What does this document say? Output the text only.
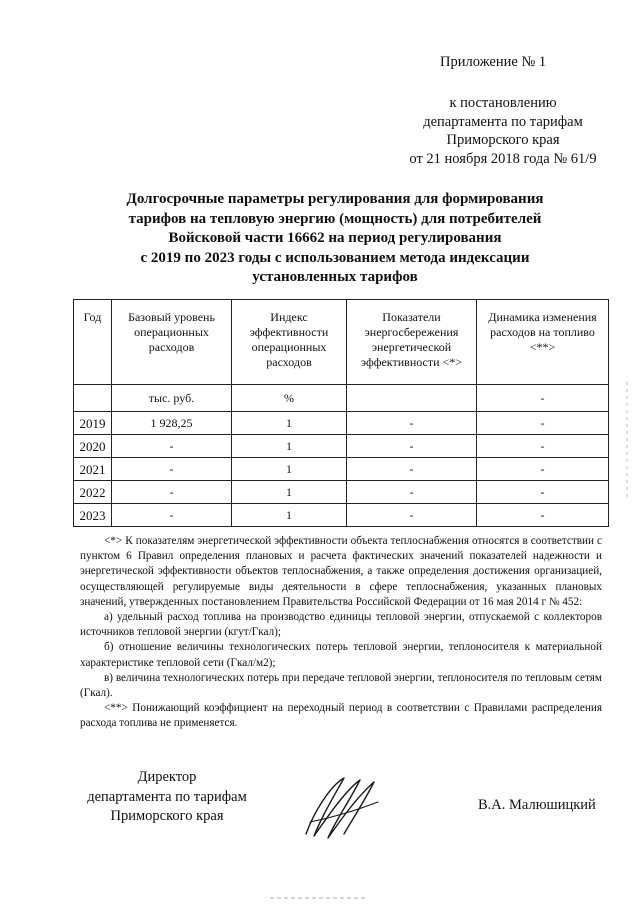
Приложение № 1
к постановлению
департамента по тарифам
Приморского края
от 21 ноября 2018 года № 61/9
Долгосрочные параметры регулирования для формирования
тарифов на тепловую энергию (мощность) для потребителей
Войсковой части 16662 на период регулирования
с 2019 по 2023 годы с использованием метода индексации
установленных тарифов
Год	Базовый уровень операционных расходов	Индекс эффективности операционных расходов	Показатели энергосбережения энергетической эффективности <*>	Динамика изменения расходов на топливо <**>
	тыс. руб.	%		-
2019	1 928,25	1	-	-
2020	-	1	-	-
2021	-	1	-	-
2022	-	1	-	-
2023	-	1	-	-

<*> К показателям энергетической эффективности объекта теплоснабжения относятся в соответствии с пунктом 6 Правил определения плановых и расчета фактических значений показателей надежности и энергетической эффективности объектов теплоснабжения, а также определения достижения организацией, осуществляющей регулируемые виды деятельности в сфере теплоснабжения, указанных плановых значений, утвержденных постановлением Правительства Российской Федерации от 16 мая 2014 г № 452:

а) удельный расход топлива на производство единицы тепловой энергии, отпускаемой с коллекторов источников тепловой энергии (кгут/Гкал);

б) отношение величины технологических потерь тепловой энергии, теплоносителя к материальной характеристике тепловой сети (Гкал/м2);

в) величина технологических потерь при передаче тепловой энергии, теплоносителя по тепловым сетям (Гкал).

<**> Понижающий коэффициент на переходный период в соответствии с Правилами распределения расхода топлива не применяется.

Директор
департамента по тарифам
Приморского края
В.А. Малюшицкий
